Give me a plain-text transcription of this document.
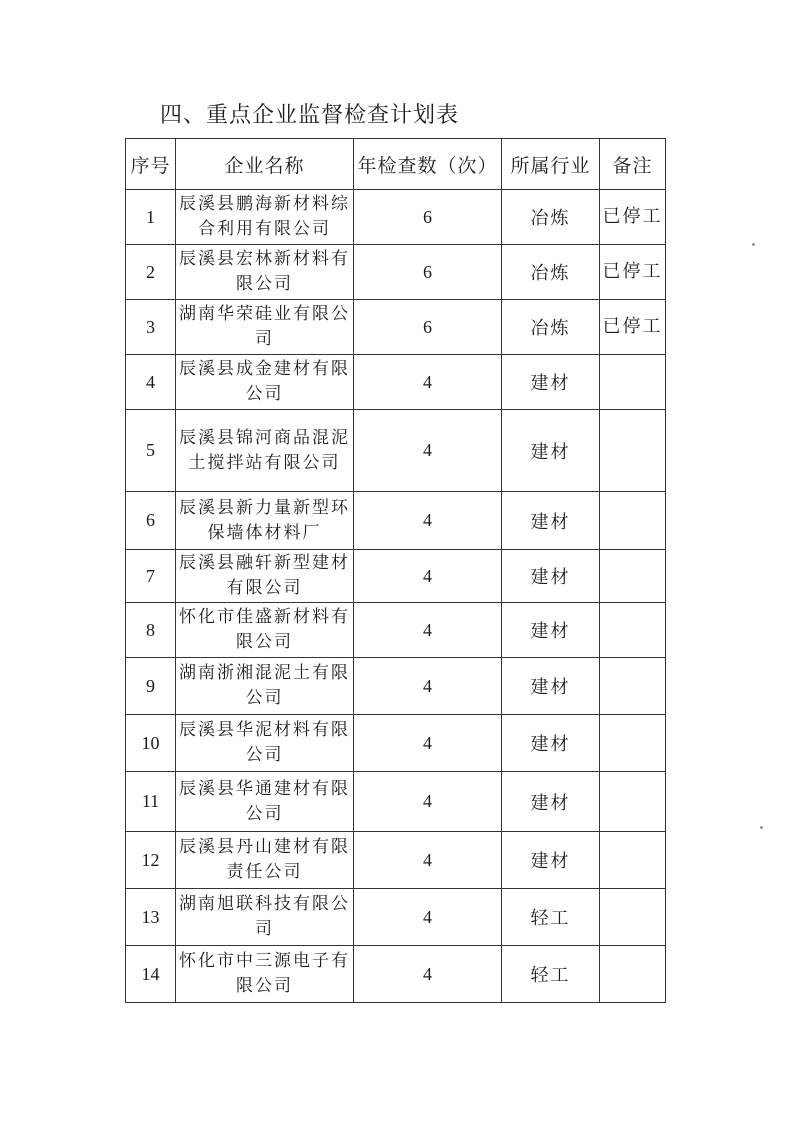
四、重点企业监督检查计划表
序号	企业名称	年检查数（次）	所属行业	备注
1	辰溪县鹏海新材料综合利用有限公司	6	冶炼	已停工
2	辰溪县宏林新材料有限公司	6	冶炼	已停工
3	湖南华荣硅业有限公司	6	冶炼	已停工
4	辰溪县成金建材有限公司	4	建材	
5	辰溪县锦河商品混泥土搅拌站有限公司	4	建材	
6	辰溪县新力量新型环保墙体材料厂	4	建材	
7	辰溪县融轩新型建材有限公司	4	建材	
8	怀化市佳盛新材料有限公司	4	建材	
9	湖南浙湘混泥土有限公司	4	建材	
10	辰溪县华泥材料有限公司	4	建材	
11	辰溪县华通建材有限公司	4	建材	
12	辰溪县丹山建材有限责任公司	4	建材	
13	湖南旭联科技有限公司	4	轻工	
14	怀化市中三源电子有限公司	4	轻工	
